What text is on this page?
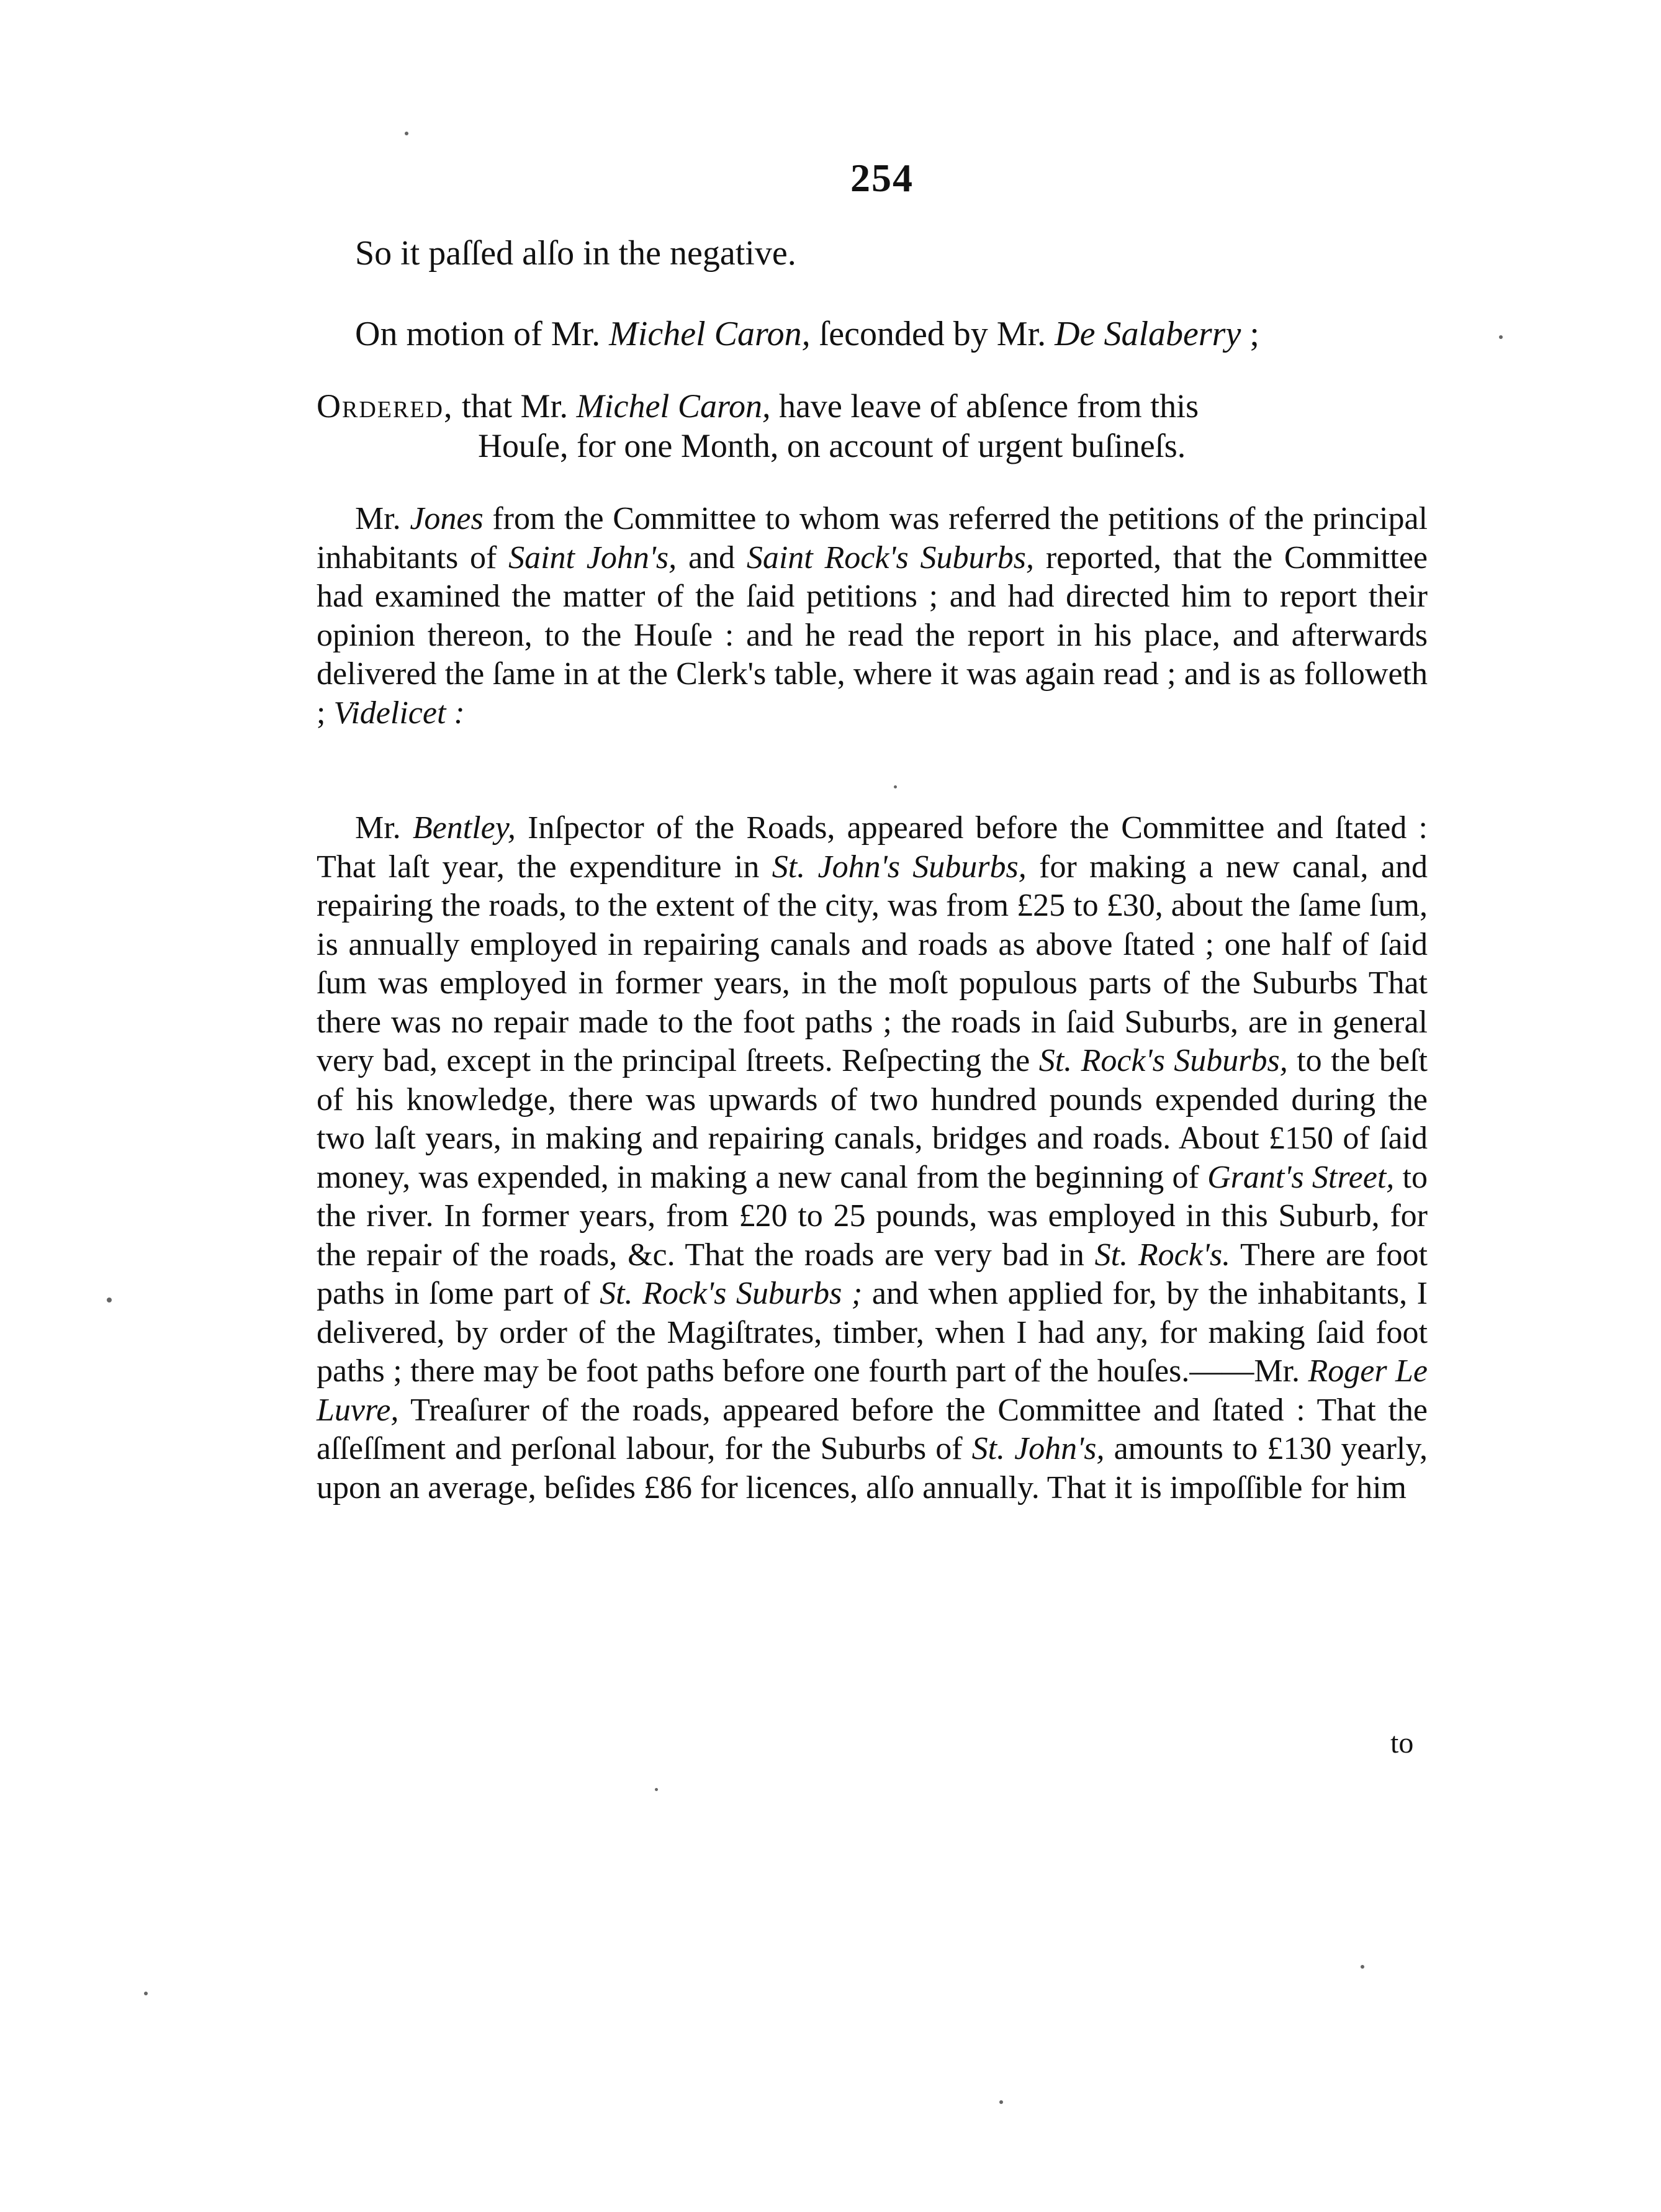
254
So it paſſed alſo in the negative.
On motion of Mr. Michel Caron, ſeconded by Mr. De Salaberry ;
Ordered, that Mr. Michel Caron, have leave of abſence from this
Houſe, for one Month, on account of urgent buſineſs.
Mr. Jones from the Committee to whom was referred the petitions of the principal inhabitants of Saint John's, and Saint Rock's Suburbs, reported, that the Committee had examined the matter of the ſaid petitions ; and had directed him to report their opinion thereon, to the Houſe : and he read the report in his place, and afterwards delivered the ſame in at the Clerk's table, where it was again read ; and is as followeth ; Videlicet :
Mr. Bentley, Inſpector of the Roads, appeared before the Committee and ſtated : That laſt year, the expenditure in St. John's Suburbs, for making a new canal, and repairing the roads, to the extent of the city, was from £25 to £30, about the ſame ſum, is annually employed in repairing canals and roads as above ſtated ; one half of ſaid ſum was employed in former years, in the moſt populous parts of the Suburbs That there was no repair made to the foot paths ; the roads in ſaid Suburbs, are in general very bad, except in the principal ſtreets. Reſpecting the St. Rock's Suburbs, to the beſt of his knowledge, there was upwards of two hundred pounds expended during the two laſt years, in making and repairing canals, bridges and roads. About £150 of ſaid money, was expended, in making a new canal from the beginning of Grant's Street, to the river. In former years, from £20 to 25 pounds, was employed in this Suburb, for the repair of the roads, &c. That the roads are very bad in St. Rock's. There are foot paths in ſome part of St. Rock's Suburbs ; and when applied for, by the inhabitants, I delivered, by order of the Magiſtrates, timber, when I had any, for making ſaid foot paths ; there may be foot paths before one fourth part of the houſes.——Mr. Roger Le Luvre, Treaſurer of the roads, appeared before the Committee and ſtated : That the aſſeſſment and perſonal labour, for the Suburbs of St. John's, amounts to £130 yearly, upon an average, beſides £86 for licences, alſo annually. That it is impoſſible for him
to
